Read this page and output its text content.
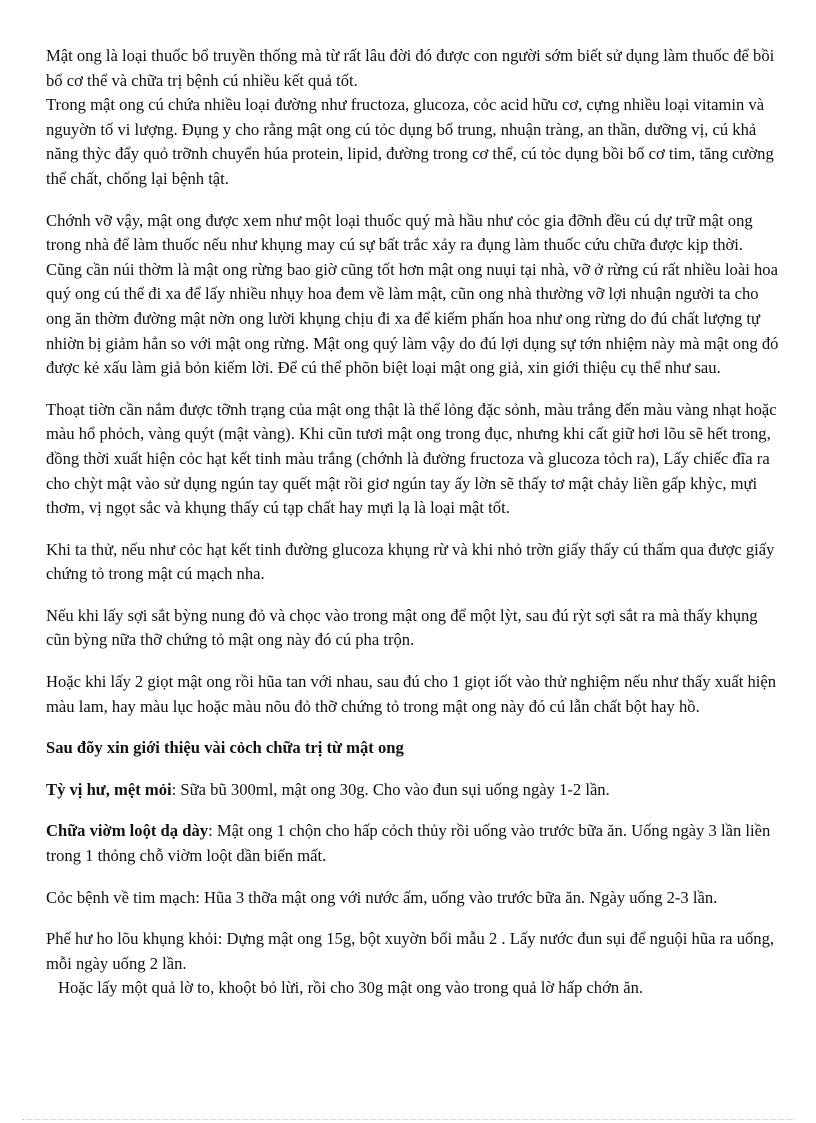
Mật ong là loại thuốc bổ truyền thống mà từ rất lâu đời đó được con người sớm biết sử dụng làm thuốc để bồi bổ cơ thể và chữa trị bệnh cú nhiều kết quả tốt.

Trong mật ong cú chứa nhiều loại đường như fructoza, glucoza, cỏc acid hữu cơ, cựng nhiều loại vitamin và nguyờn tố vi lượng. Đụng y cho rằng mật ong cú tỏc dụng bổ trung, nhuận tràng, an thần, dưỡng vị, cú khả năng thỳc đẩy quỏ trỡnh chuyển húa protein, lipid, đường trong cơ thể, cú tỏc dụng bồi bổ cơ tim, tăng cường thể chất, chống lại bệnh tật.

Chớnh vỡ vậy, mật ong được xem như một loại thuốc quý mà hầu như cỏc gia đỡnh đều cú dự trữ mật ong trong nhà để làm thuốc nếu như khụng may cú sự bất trắc xảy ra đụng làm thuốc cứu chữa được kịp thời. Cũng cần núi thờm là mật ong rừng bao giờ cũng tốt hơn mật ong nuụi tại nhà, vỡ ở rừng cú rất nhiều loài hoa quý ong cú thể đi xa để lấy nhiều nhụy hoa đem về làm mật, cũn ong nhà thường vỡ lợi nhuận người ta cho ong ăn thờm đường mật nờn ong lười khụng chịu đi xa để kiếm phấn hoa như ong rừng do đú chất lượng tự nhiờn bị giảm hẳn so với mật ong rừng. Mật ong quý làm vậy do đú lợi dụng sự tớn nhiệm này mà mật ong đó được kẻ xấu làm giả bỏn kiếm lời. Để cú thể phõn biệt loại mật ong giả, xin giới thiệu cụ thể như sau.

Thoạt tiờn cần nắm được tỡnh trạng của mật ong thật là thể lỏng đặc sỏnh, màu trắng đến màu vàng nhạt hoặc màu hổ phỏch, vàng quýt (mật vàng). Khi cũn tươi mật ong trong đục, nhưng khi cất giữ hơi lõu sẽ hết trong, đồng thời xuất hiện cỏc hạt kết tinh màu trắng (chớnh là đường fructoza và glucoza tỏch ra), Lấy chiếc đĩa ra cho chỳt mật vào sử dụng ngún tay quết mật rồi giơ ngún tay ấy lờn sẽ thấy tơ mật chảy liền gấp khỳc, mựi thơm, vị ngọt sắc và khụng thấy cú tạp chất hay mựi lạ là loại mật tốt.

Khi ta thử, nếu như cỏc hạt kết tinh đường glucoza khụng rừ và khi nhỏ trờn giấy thấy cú thấm qua được giấy chứng tỏ trong mật cú mạch nha.

Nếu khi lấy sợi sắt bỳng nung đỏ và chọc vào trong mật ong để một lỳt, sau đú rỳt sợi sắt ra mà thấy khụng cũn bỳng nữa thỡ chứng tỏ mật ong này đó cú pha trộn.

Hoặc khi lấy 2 giọt mật ong rồi hũa tan với nhau, sau đú cho 1 giọt iốt vào thử nghiệm nếu như thấy xuất hiện màu lam, hay màu lục hoặc màu nõu đỏ thỡ chứng tỏ trong mật ong này đó cú lẫn chất bột hay hồ.

Sau đõy xin giới thiệu vài cỏch chữa trị từ mật ong

Tỳ vị hư, mệt mỏi: Sữa bũ 300ml, mật ong 30g. Cho vào đun sụi uống ngày 1-2 lần.

Chữa viờm loột dạ dày: Mật ong 1 chộn cho hấp cỏch thủy rồi uống vào trước bữa ăn. Uống ngày 3 lần liền trong 1 thỏng chỗ viờm loột dần biến mất.

Cỏc bệnh về tim mạch: Hũa 3 thỡa mật ong với nước ấm, uống vào trước bữa ăn. Ngày uống 2-3 lần.

Phế hư ho lõu khụng khỏi: Dựng mật ong 15g, bột xuyờn bối mẫu 2 . Lấy nước đun sụi để nguội hũa ra uống, mỗi ngày uống 2 lần.

Hoặc lấy một quả lờ to, khoột bỏ lừi, rồi cho 30g mật ong vào trong quả lờ hấp chớn ăn.
